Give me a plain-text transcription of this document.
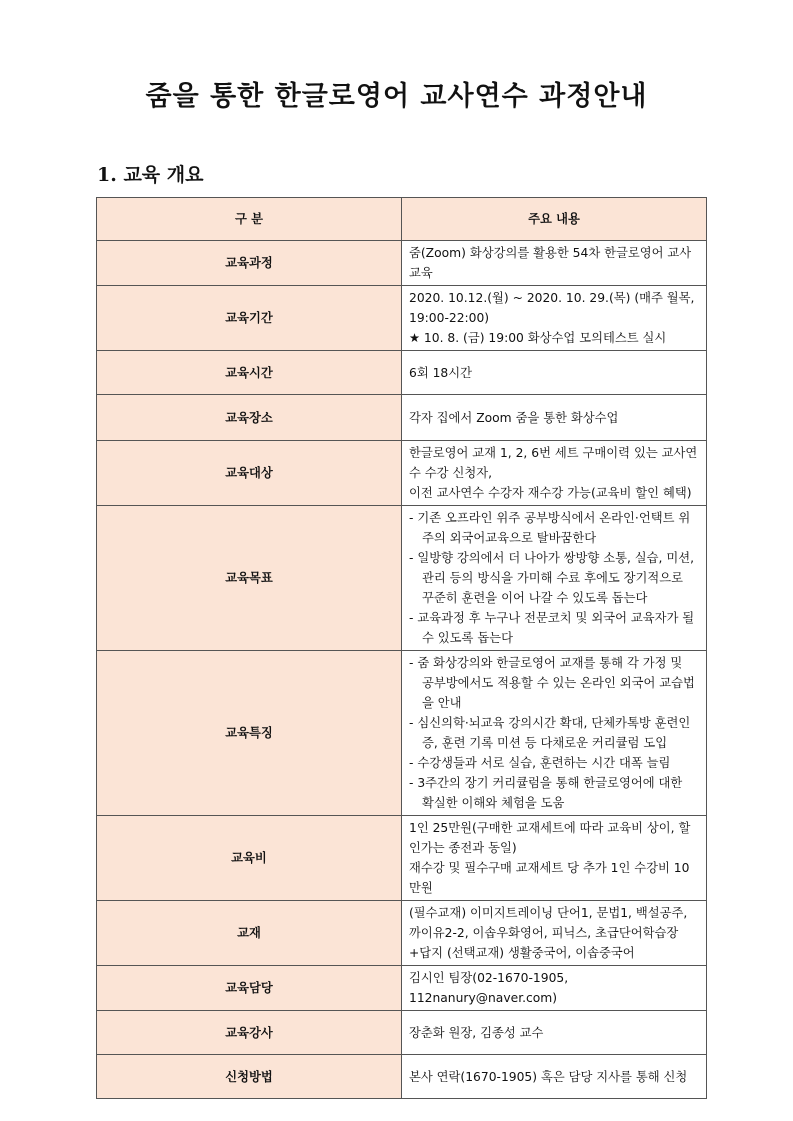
줌을 통한 한글로영어 교사연수 과정안내
1. 교육 개요
구 분	주요 내용
교육과정	줌(Zoom) 화상강의를 활용한 54차 한글로영어 교사교육

교육기간	2020. 10.12.(월) ~ 2020. 10. 29.(목) (매주 월목, 19:00-22:00)
★ 10. 8. (금) 19:00 화상수업 모의테스트 실시

교육시간	6회 18시간

교육장소	각자 집에서 Zoom 줌을 통한 화상수업

교육대상	한글로영어 교재 1, 2, 6번 세트 구매이력 있는 교사연수 수강 신청자,
이전 교사연수 수강자 재수강 가능(교육비 할인 혜택)

교육목표	- 기존 오프라인 위주 공부방식에서 온라인·언택트 위주의 외국어교육으로 탈바꿈한다
- 일방향 강의에서 더 나아가 쌍방향 소통, 실습, 미션, 관리 등의 방식을 가미해 수료 후에도 장기적으로 꾸준히 훈련을 이어 나갈 수 있도록 돕는다
- 교육과정 후 누구나 전문코치 및 외국어 교육자가 될 수 있도록 돕는다

교육특징	- 줌 화상강의와 한글로영어 교재를 통해 각 가정 및 공부방에서도 적용할 수 있는 온라인 외국어 교습법을 안내
- 심신의학·뇌교육 강의시간 확대, 단체카톡방 훈련인증, 훈련 기록 미션 등 다채로운 커리큘럼 도입
- 수강생들과 서로 실습, 훈련하는 시간 대폭 늘림
- 3주간의 장기 커리큘럼을 통해 한글로영어에 대한 확실한 이해와 체험을 도움

교육비	1인 25만원(구매한 교재세트에 따라 교육비 상이, 할인가는 종전과 동일)
재수강 및 필수구매 교재세트 당 추가 1인 수강비 10만원

교재	(필수교재) 이미지트레이닝 단어1, 문법1, 백설공주, 까이유2-2, 이솝우화영어, 피닉스, 초급단어학습장+답지 (선택교재) 생활중국어, 이솝중국어

교육담당	김시인 팀장(02-1670-1905, 112nanury@naver.com)

교육강사	장춘화 원장, 김종성 교수

신청방법	본사 연락(1670-1905) 혹은 담당 지사를 통해 신청
